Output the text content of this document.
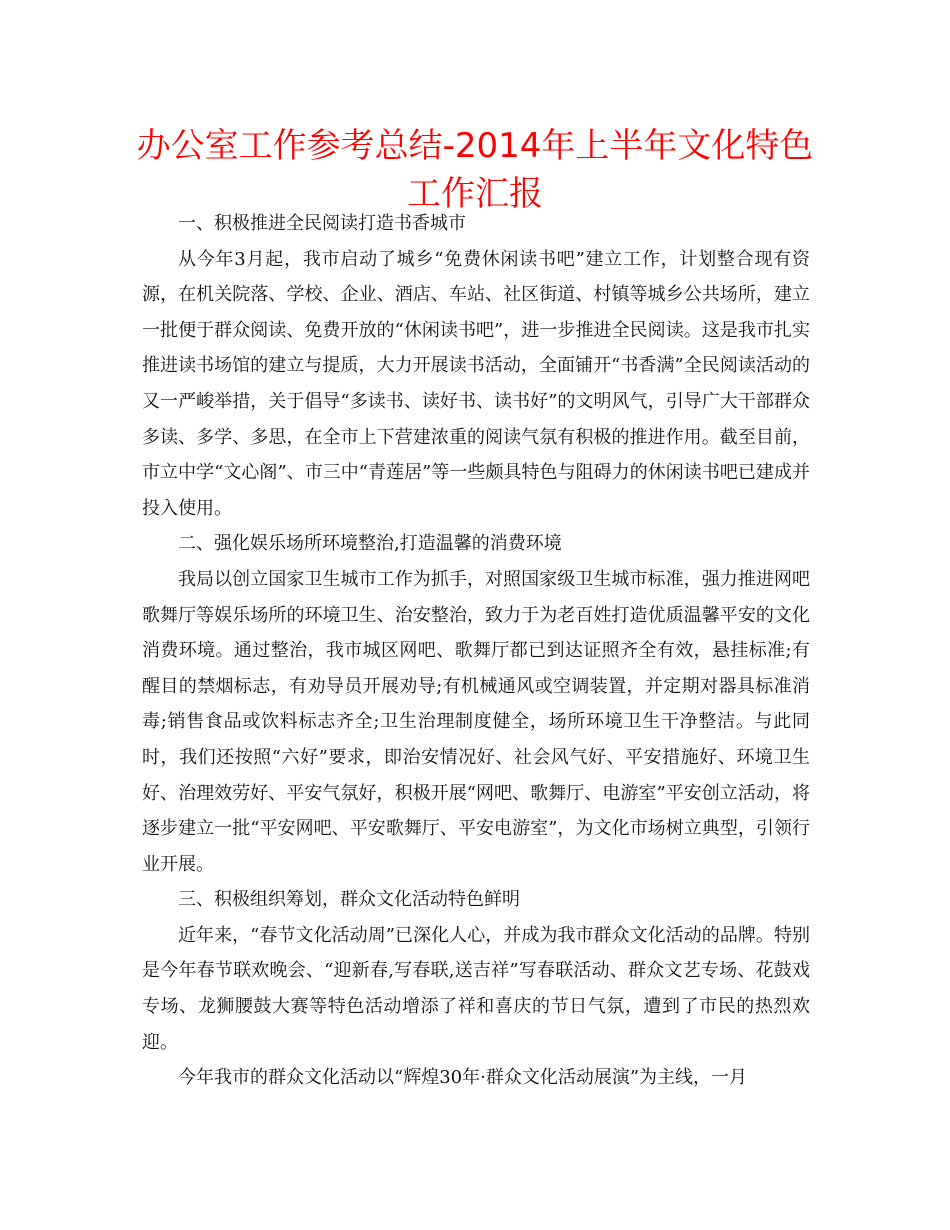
办公室工作参考总结-2014年上半年文化特色工作汇报

一、积极推进全民阅读打造书香城市

从今年3月起，我市启动了城乡“免费休闲读书吧”建立工作，计划整合现有资源，在机关院落、学校、企业、酒店、车站、社区街道、村镇等城乡公共场所，建立一批便于群众阅读、免费开放的“休闲读书吧”，进一步推进全民阅读。这是我市扎实推进读书场馆的建立与提质，大力开展读书活动，全面铺开“书香满”全民阅读活动的又一严峻举措，关于倡导“多读书、读好书、读书好”的文明风气，引导广大干部群众多读、多学、多思，在全市上下营建浓重的阅读气氛有积极的推进作用。截至目前，市立中学“文心阁”、市三中“青莲居”等一些颇具特色与阻碍力的休闲读书吧已建成并投入使用。

二、强化娱乐场所环境整治,打造温馨的消费环境

我局以创立国家卫生城市工作为抓手，对照国家级卫生城市标准，强力推进网吧歌舞厅等娱乐场所的环境卫生、治安整治，致力于为老百姓打造优质温馨平安的文化消费环境。通过整治，我市城区网吧、歌舞厅都已到达证照齐全有效，悬挂标准;有醒目的禁烟标志，有劝导员开展劝导;有机械通风或空调装置，并定期对器具标准消毒;销售食品或饮料标志齐全;卫生治理制度健全，场所环境卫生干净整洁。与此同时，我们还按照“六好”要求，即治安情况好、社会风气好、平安措施好、环境卫生好、治理效劳好、平安气氛好，积极开展“网吧、歌舞厅、电游室”平安创立活动，将逐步建立一批“平安网吧、平安歌舞厅、平安电游室”，为文化市场树立典型，引领行业开展。

三、积极组织筹划，群众文化活动特色鲜明

近年来，“春节文化活动周”已深化人心，并成为我市群众文化活动的品牌。特别是今年春节联欢晚会、“迎新春,写春联,送吉祥”写春联活动、群众文艺专场、花鼓戏专场、龙狮腰鼓大赛等特色活动增添了祥和喜庆的节日气氛，遭到了市民的热烈欢迎。

今年我市的群众文化活动以“辉煌30年·群众文化活动展演”为主线，一月
